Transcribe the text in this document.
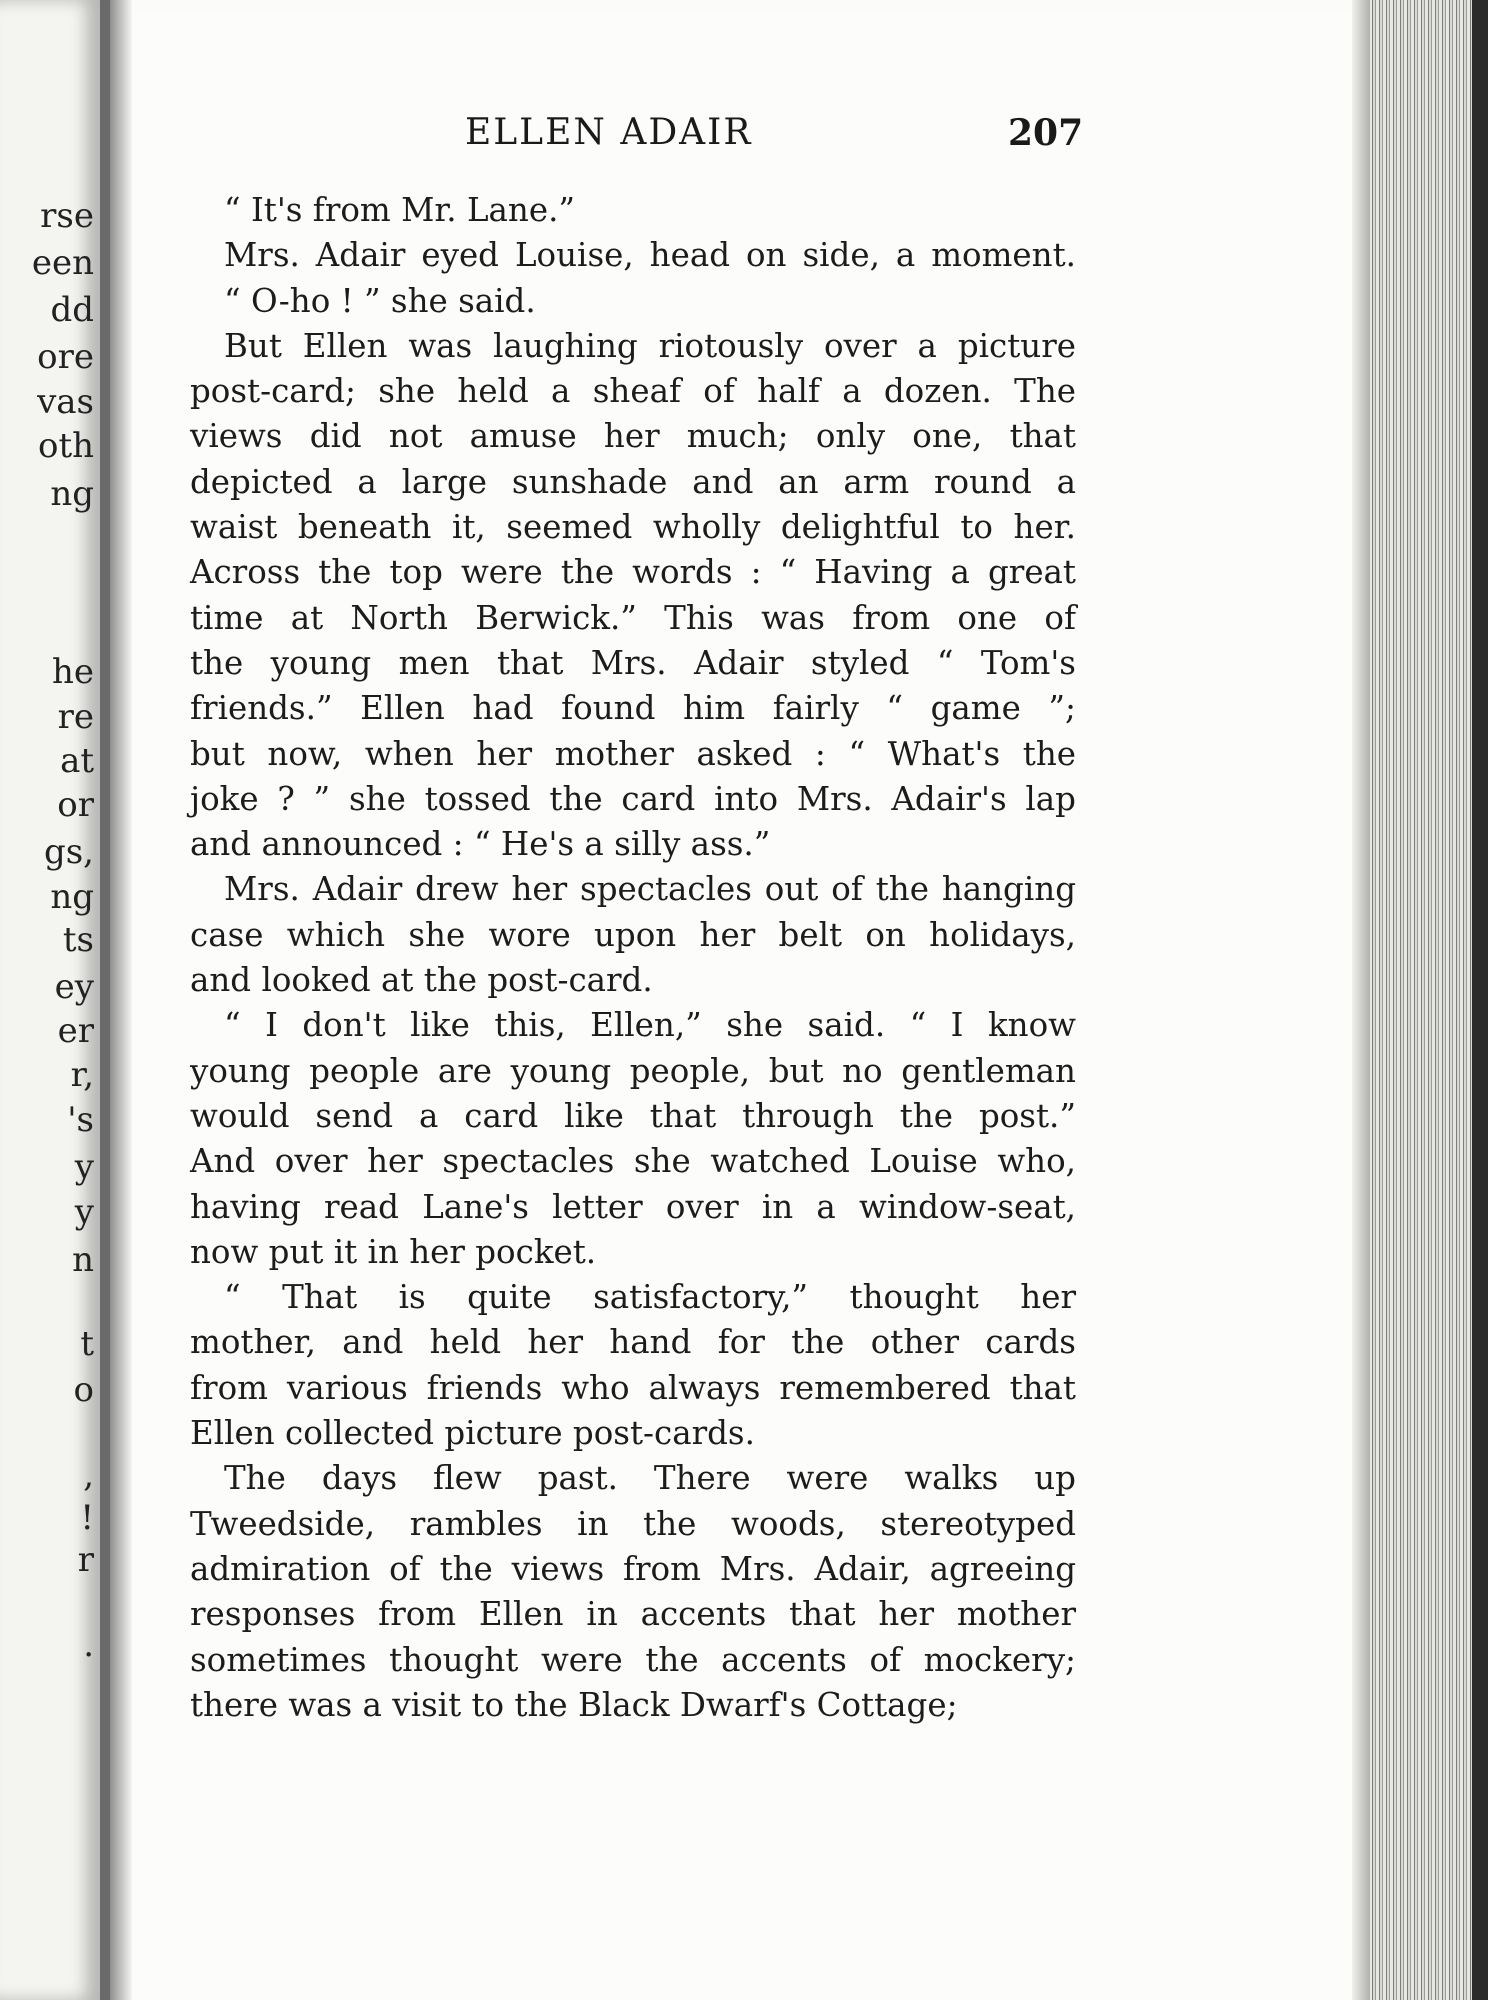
rse
een
dd
ore
vas
oth
ng
he
re
at
or
gs,
ng
ts
ey
er
r,
's
y
y
n
t
o
,
!
r
.
ELLEN ADAIR	207
“ It's from Mr. Lane.”
Mrs. Adair eyed Louise, head on side, a moment.
“ O-ho ! ” she said.
But Ellen was laughing riotously over a picture
post-card; she held a sheaf of half a dozen. The
views did not amuse her much; only one, that
depicted a large sunshade and an arm round a
waist beneath it, seemed wholly delightful to her.
Across the top were the words : “ Having a great
time at North Berwick.” This was from one of
the young men that Mrs. Adair styled “ Tom's
friends.” Ellen had found him fairly “ game ”;
but now, when her mother asked : “ What's the
joke ? ” she tossed the card into Mrs. Adair's lap
and announced : “ He's a silly ass.”
Mrs. Adair drew her spectacles out of the hanging
case which she wore upon her belt on holidays,
and looked at the post-card.
“ I don't like this, Ellen,” she said. “ I know
young people are young people, but no gentleman
would send a card like that through the post.”
And over her spectacles she watched Louise who,
having read Lane's letter over in a window-seat,
now put it in her pocket.
“ That is quite satisfactory,” thought her
mother, and held her hand for the other cards
from various friends who always remembered that
Ellen collected picture post-cards.
The days flew past. There were walks up
Tweedside, rambles in the woods, stereotyped
admiration of the views from Mrs. Adair, agreeing
responses from Ellen in accents that her mother
sometimes thought were the accents of mockery;
there was a visit to the Black Dwarf's Cottage;
